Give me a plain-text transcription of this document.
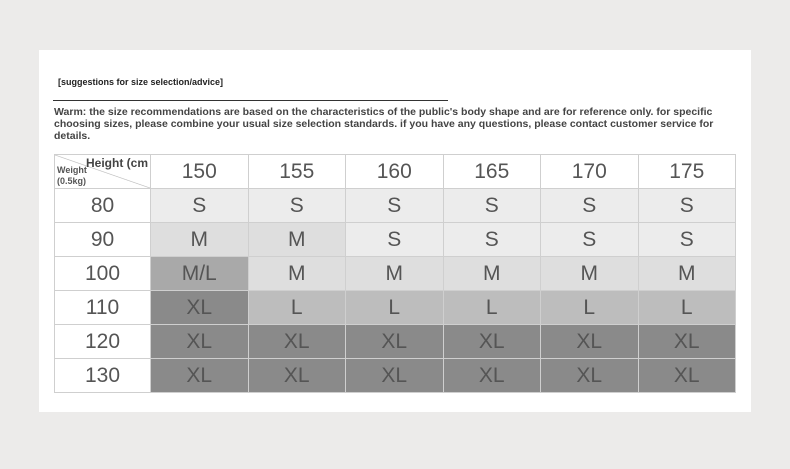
[suggestions for size selection/advice]
Warm: the size recommendations are based on the characteristics of the public's body shape and are for reference only. for specific choosing sizes, please combine your usual size selection standards. if you have any questions, please contact customer service for details.
Height (cm
Weight
(0.5kg)	150	155	160	165	170	175
80	S	S	S	S	S	S
90	M	M	S	S	S	S
100	M/L	M	M	M	M	M
110	XL	L	L	L	L	L
120	XL	XL	XL	XL	XL	XL
130	XL	XL	XL	XL	XL	XL
